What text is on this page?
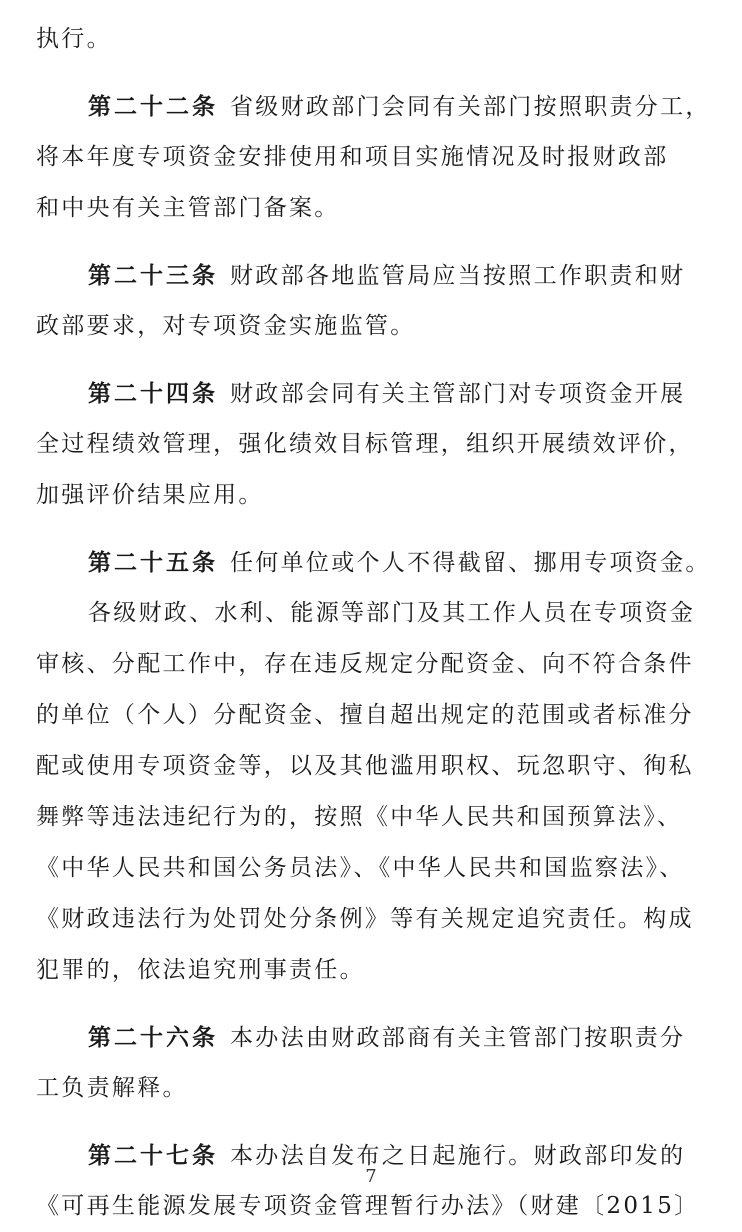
执行。
第二十二条 省级财政部门会同有关部门按照职责分工，
将本年度专项资金安排使用和项目实施情况及时报财政部
和中央有关主管部门备案。
第二十三条 财政部各地监管局应当按照工作职责和财
政部要求，对专项资金实施监管。
第二十四条 财政部会同有关主管部门对专项资金开展
全过程绩效管理，强化绩效目标管理，组织开展绩效评价，
加强评价结果应用。
第二十五条 任何单位或个人不得截留、挪用专项资金。
各级财政、水利、能源等部门及其工作人员在专项资金
审核、分配工作中，存在违反规定分配资金、向不符合条件
的单位（个人）分配资金、擅自超出规定的范围或者标准分
配或使用专项资金等，以及其他滥用职权、玩忽职守、徇私
舞弊等违法违纪行为的，按照《中华人民共和国预算法》、
《中华人民共和国公务员法》、《中华人民共和国监察法》、
《财政违法行为处罚处分条例》等有关规定追究责任。构成
犯罪的，依法追究刑事责任。
第二十六条 本办法由财政部商有关主管部门按职责分
工负责解释。
第二十七条 本办法自发布之日起施行。财政部印发的
《可再生能源发展专项资金管理暂行办法》（财建〔2015〕
7
